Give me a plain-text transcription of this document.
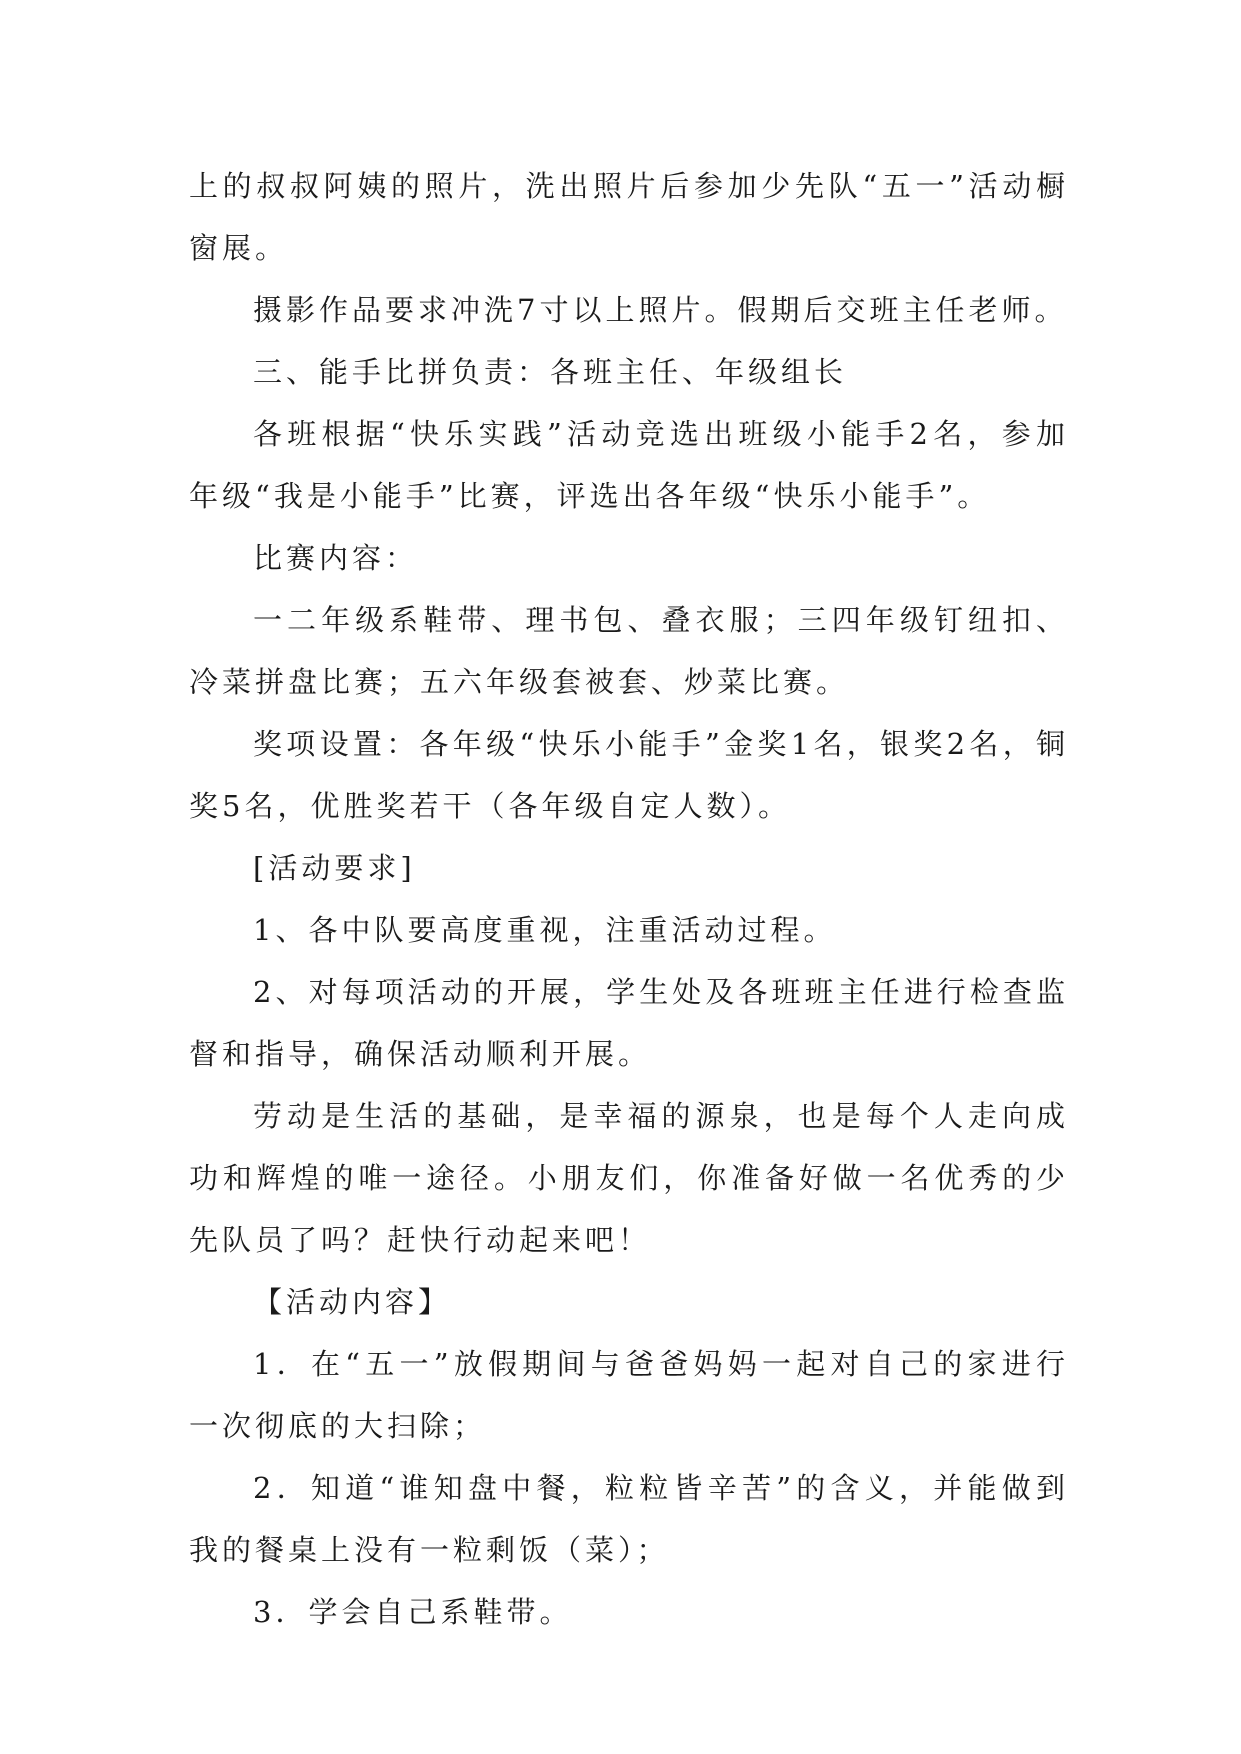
上的叔叔阿姨的照片，洗出照片后参加少先队“五一”活动橱窗展。

摄影作品要求冲洗7寸以上照片。假期后交班主任老师。

三、能手比拼负责：各班主任、年级组长

各班根据“快乐实践”活动竞选出班级小能手2名，参加年级“我是小能手”比赛，评选出各年级“快乐小能手”。

比赛内容：

一二年级系鞋带、理书包、叠衣服；三四年级钉纽扣、冷菜拼盘比赛；五六年级套被套、炒菜比赛。

奖项设置：各年级“快乐小能手”金奖1名，银奖2名，铜奖5名，优胜奖若干（各年级自定人数）。

[活动要求]

1、各中队要高度重视，注重活动过程。

2、对每项活动的开展，学生处及各班班主任进行检查监督和指导，确保活动顺利开展。

劳动是生活的基础，是幸福的源泉，也是每个人走向成功和辉煌的唯一途径。小朋友们，你准备好做一名优秀的少先队员了吗？赶快行动起来吧！

【活动内容】

1．在“五一”放假期间与爸爸妈妈一起对自己的家进行一次彻底的大扫除；

2．知道“谁知盘中餐，粒粒皆辛苦”的含义，并能做到我的餐桌上没有一粒剩饭（菜）；

3．学会自己系鞋带。
